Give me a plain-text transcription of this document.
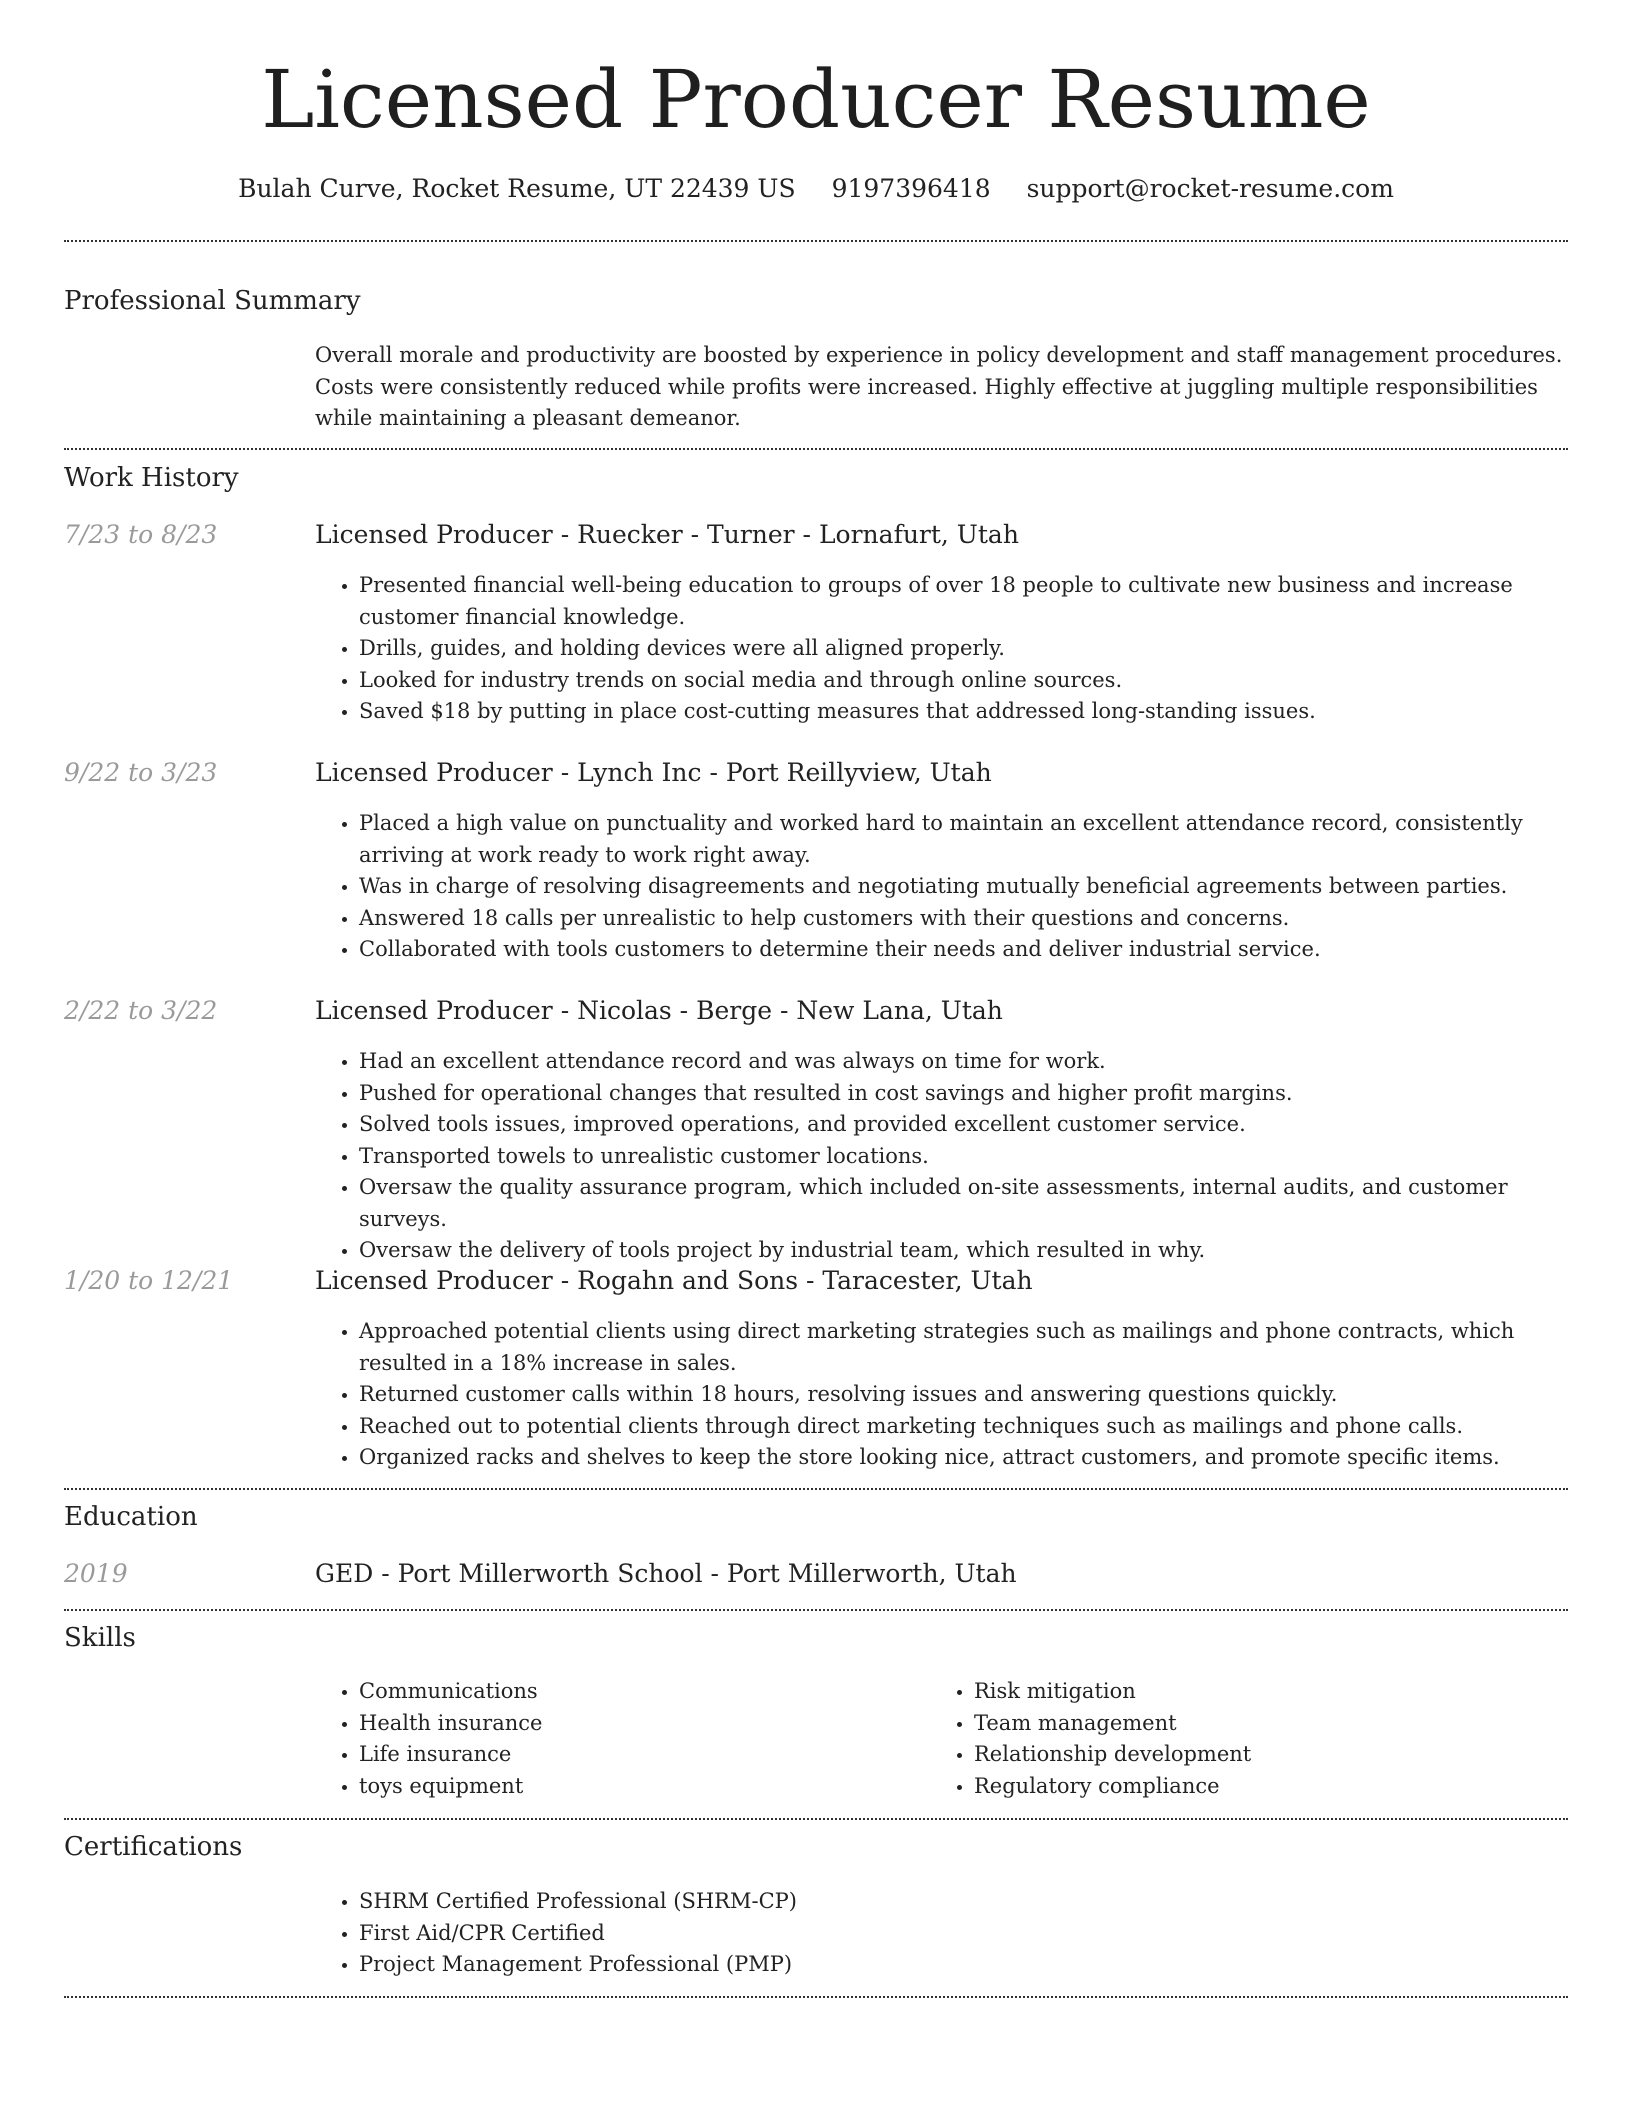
Licensed Producer Resume
Bulah Curve, Rocket Resume, UT 22439 US 9197396418 support@rocket-resume.com
Professional Summary

Overall morale and productivity are boosted by experience in policy development and staff management procedures. Costs were consistently reduced while profits were increased. Highly effective at juggling multiple responsibilities while maintaining a pleasant demeanor.

Work History
7/23 to 8/23	Licensed Producer - Ruecker - Turner - Lornafurt, Utah
• Presented financial well-being education to groups of over 18 people to cultivate new business and increase customer financial knowledge.
• Drills, guides, and holding devices were all aligned properly.
• Looked for industry trends on social media and through online sources.
• Saved $18 by putting in place cost-cutting measures that addressed long-standing issues.
9/22 to 3/23	Licensed Producer - Lynch Inc - Port Reillyview, Utah
• Placed a high value on punctuality and worked hard to maintain an excellent attendance record, consistently arriving at work ready to work right away.
• Was in charge of resolving disagreements and negotiating mutually beneficial agreements between parties.
• Answered 18 calls per unrealistic to help customers with their questions and concerns.
• Collaborated with tools customers to determine their needs and deliver industrial service.
2/22 to 3/22	Licensed Producer - Nicolas - Berge - New Lana, Utah
• Had an excellent attendance record and was always on time for work.
• Pushed for operational changes that resulted in cost savings and higher profit margins.
• Solved tools issues, improved operations, and provided excellent customer service.
• Transported towels to unrealistic customer locations.
• Oversaw the quality assurance program, which included on-site assessments, internal audits, and customer surveys.
• Oversaw the delivery of tools project by industrial team, which resulted in why.
1/20 to 12/21	Licensed Producer - Rogahn and Sons - Taracester, Utah
• Approached potential clients using direct marketing strategies such as mailings and phone contracts, which resulted in a 18% increase in sales.
• Returned customer calls within 18 hours, resolving issues and answering questions quickly.
• Reached out to potential clients through direct marketing techniques such as mailings and phone calls.
• Organized racks and shelves to keep the store looking nice, attract customers, and promote specific items.
Education
2019	GED - Port Millerworth School - Port Millerworth, Utah
Skills
• Communications
• Health insurance
• Life insurance
• toys equipment
• Risk mitigation
• Team management
• Relationship development
• Regulatory compliance
Certifications
• SHRM Certified Professional (SHRM-CP)
• First Aid/CPR Certified
• Project Management Professional (PMP)
